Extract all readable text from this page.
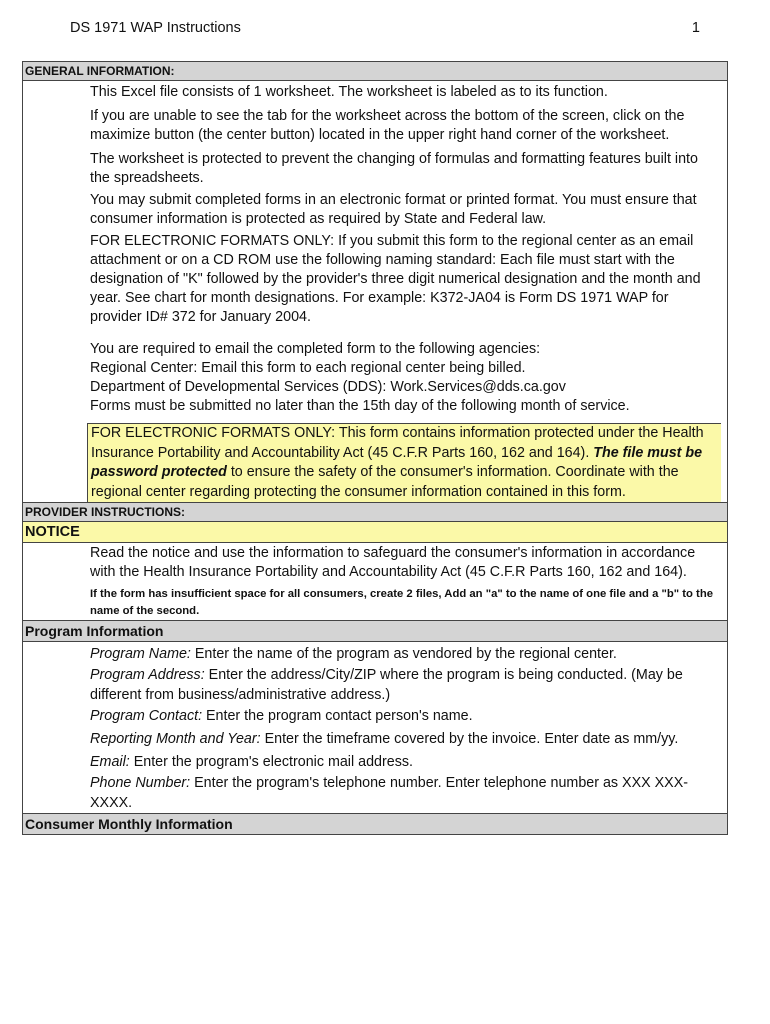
DS 1971 WAP Instructions	1
GENERAL INFORMATION:
This Excel file consists of 1 worksheet. The worksheet is labeled as to its function.
If you are unable to see the tab for the worksheet across the bottom of the screen, click on the maximize button (the center button) located in the upper right hand corner of the worksheet.
The worksheet is protected to prevent the changing of formulas and formatting features built into the spreadsheets.
You may submit completed forms in an electronic format or printed format. You must ensure that consumer information is protected as required by State and Federal law.
FOR ELECTRONIC FORMATS ONLY: If you submit this form to the regional center as an email attachment or on a CD ROM use the following naming standard: Each file must start with the designation of "K" followed by the provider's three digit numerical designation and the month and year. See chart for month designations. For example: K372-JA04 is Form DS 1971 WAP for provider ID# 372 for January 2004.
You are required to email the completed form to the following agencies:
Regional Center: Email this form to each regional center being billed.
Department of Developmental Services (DDS): Work.Services@dds.ca.gov
Forms must be submitted no later than the 15th day of the following month of service.
FOR ELECTRONIC FORMATS ONLY: This form contains information protected under the Health Insurance Portability and Accountability Act (45 C.F.R Parts 160, 162 and 164). The file must be password protected to ensure the safety of the consumer's information. Coordinate with the regional center regarding protecting the consumer information contained in this form.
PROVIDER INSTRUCTIONS:
NOTICE
Read the notice and use the information to safeguard the consumer's information in accordance with the Health Insurance Portability and Accountability Act (45 C.F.R Parts 160, 162 and 164).
If the form has insufficient space for all consumers, create 2 files, Add an "a" to the name of one file and a "b" to the name of the second.
Program Information
Program Name: Enter the name of the program as vendored by the regional center.
Program Address: Enter the address/City/ZIP where the program is being conducted. (May be different from business/administrative address.)
Program Contact: Enter the program contact person's name.
Reporting Month and Year: Enter the timeframe covered by the invoice. Enter date as mm/yy.
Email: Enter the program's electronic mail address.
Phone Number: Enter the program's telephone number. Enter telephone number as XXX XXX-XXXX.
Consumer Monthly Information
